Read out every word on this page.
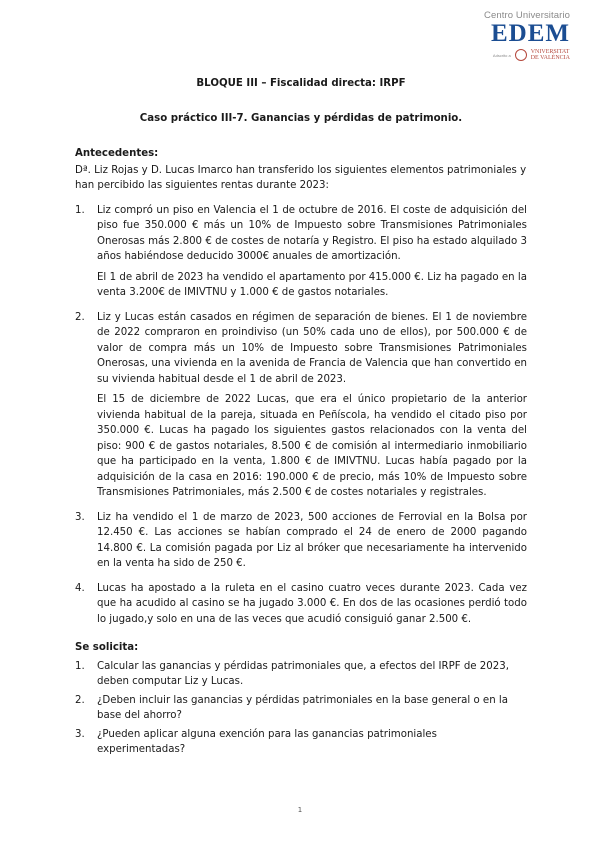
Centro Universitario
EDEM
Adscrito a	VNIVERSITAT
DE VALÈNCIA

BLOQUE III – Fiscalidad directa: IRPF

Caso práctico III-7. Ganancias y pérdidas de patrimonio.

Antecedentes:

Dª. Liz Rojas y D. Lucas Imarco han transferido los siguientes elementos patrimoniales y han percibido las siguientes rentas durante 2023:

1. Liz compró un piso en Valencia el 1 de octubre de 2016. El coste de adquisición del piso fue 350.000 € más un 10% de Impuesto sobre Transmisiones Patrimoniales Onerosas más 2.800 € de costes de notaría y Registro. El piso ha estado alquilado 3 años habiéndose deducido 3000€ anuales de amortización.

El 1 de abril de 2023 ha vendido el apartamento por 415.000 €. Liz ha pagado en la venta 3.200€ de IMIVTNU y 1.000 € de gastos notariales.

2. Liz y Lucas están casados en régimen de separación de bienes. El 1 de noviembre de 2022 compraron en proindiviso (un 50% cada uno de ellos), por 500.000 € de valor de compra más un 10% de Impuesto sobre Transmisiones Patrimoniales Onerosas, una vivienda en la avenida de Francia de Valencia que han convertido en su vivienda habitual desde el 1 de abril de 2023.

El 15 de diciembre de 2022 Lucas, que era el único propietario de la anterior vivienda habitual de la pareja, situada en Peñíscola, ha vendido el citado piso por 350.000 €. Lucas ha pagado los siguientes gastos relacionados con la venta del piso: 900 € de gastos notariales, 8.500 € de comisión al intermediario inmobiliario que ha participado en la venta, 1.800 € de IMIVTNU. Lucas había pagado por la adquisición de la casa en 2016: 190.000 € de precio, más 10% de Impuesto sobre Transmisiones Patrimoniales, más 2.500 € de costes notariales y registrales.

3. Liz ha vendido el 1 de marzo de 2023, 500 acciones de Ferrovial en la Bolsa por 12.450 €. Las acciones se habían comprado el 24 de enero de 2000 pagando 14.800 €. La comisión pagada por Liz al bróker que necesariamente ha intervenido en la venta ha sido de 250 €.

4. Lucas ha apostado a la ruleta en el casino cuatro veces durante 2023. Cada vez que ha acudido al casino se ha jugado 3.000 €. En dos de las ocasiones perdió todo lo jugado,y solo en una de las veces que acudió consiguió ganar 2.500 €.

Se solicita:
1. Calcular las ganancias y pérdidas patrimoniales que, a efectos del IRPF de 2023, deben computar Liz y Lucas.
2. ¿Deben incluir las ganancias y pérdidas patrimoniales en la base general o en la base del ahorro?
3. ¿Pueden aplicar alguna exención para las ganancias patrimoniales experimentadas?
1
